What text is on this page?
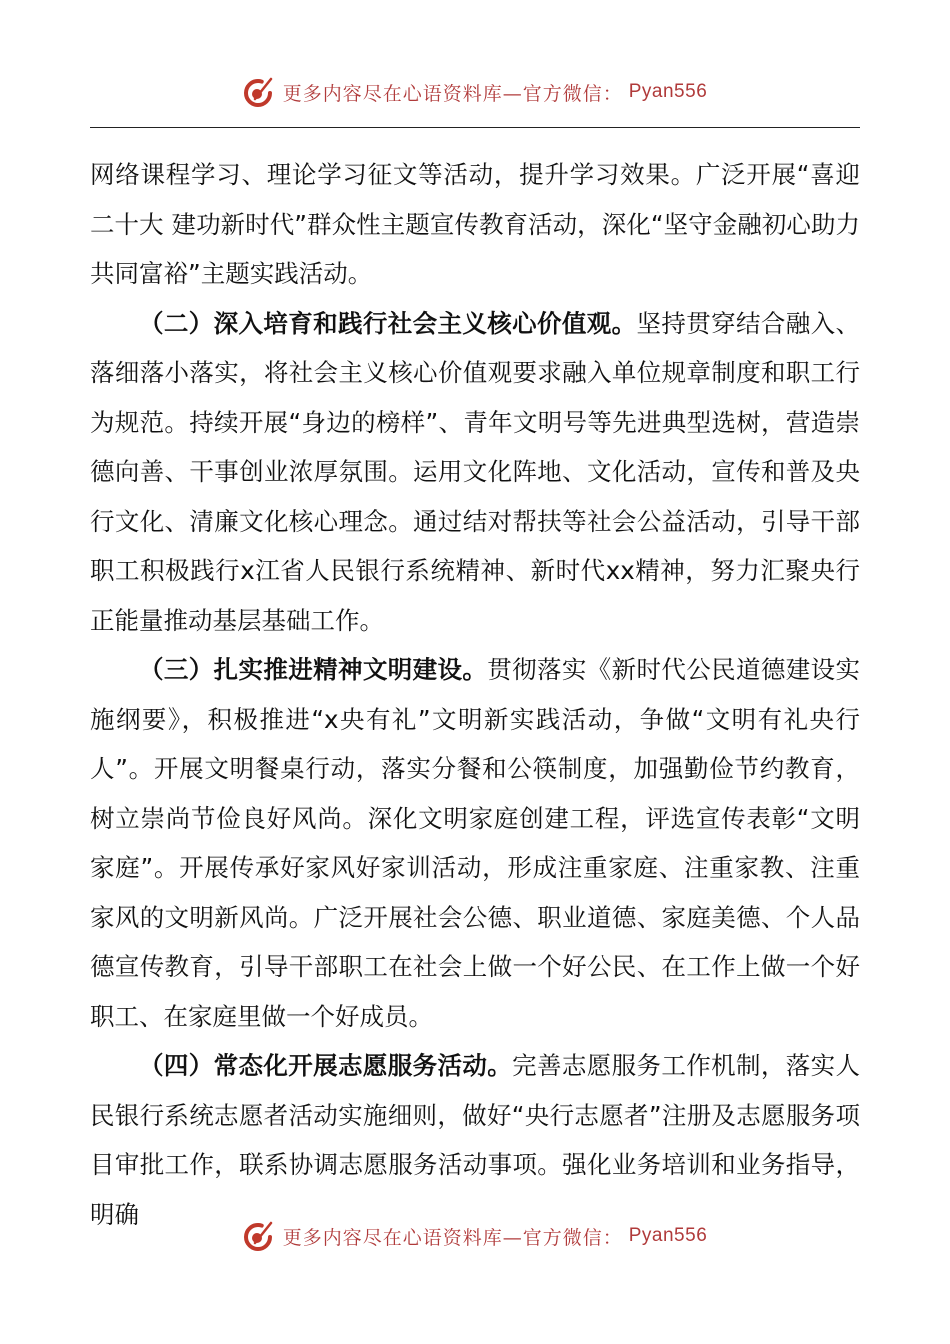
更多内容尽在心语资料库—官方微信： Pyan556

网络课程学习、理论学习征文等活动，提升学习效果。广泛开展“喜迎二十大 建功新时代”群众性主题宣传教育活动，深化“坚守金融初心助力共同富裕”主题实践活动。

（二）深入培育和践行社会主义核心价值观。坚持贯穿结合融入、落细落小落实，将社会主义核心价值观要求融入单位规章制度和职工行为规范。持续开展“身边的榜样”、青年文明号等先进典型选树，营造崇德向善、干事创业浓厚氛围。运用文化阵地、文化活动，宣传和普及央行文化、清廉文化核心理念。通过结对帮扶等社会公益活动，引导干部职工积极践行x江省人民银行系统精神、新时代xx精神，努力汇聚央行正能量推动基层基础工作。

（三）扎实推进精神文明建设。贯彻落实《新时代公民道德建设实施纲要》，积极推进“x央有礼”文明新实践活动，争做“文明有礼央行人”。开展文明餐桌行动，落实分餐和公筷制度，加强勤俭节约教育，树立崇尚节俭良好风尚。深化文明家庭创建工程，评选宣传表彰“文明家庭”。开展传承好家风好家训活动，形成注重家庭、注重家教、注重家风的文明新风尚。广泛开展社会公德、职业道德、家庭美德、个人品德宣传教育，引导干部职工在社会上做一个好公民、在工作上做一个好职工、在家庭里做一个好成员。

（四）常态化开展志愿服务活动。完善志愿服务工作机制，落实人民银行系统志愿者活动实施细则，做好“央行志愿者”注册及志愿服务项目审批工作，联系协调志愿服务活动事项。强化业务培训和业务指导，明确

更多内容尽在心语资料库—官方微信： Pyan556
